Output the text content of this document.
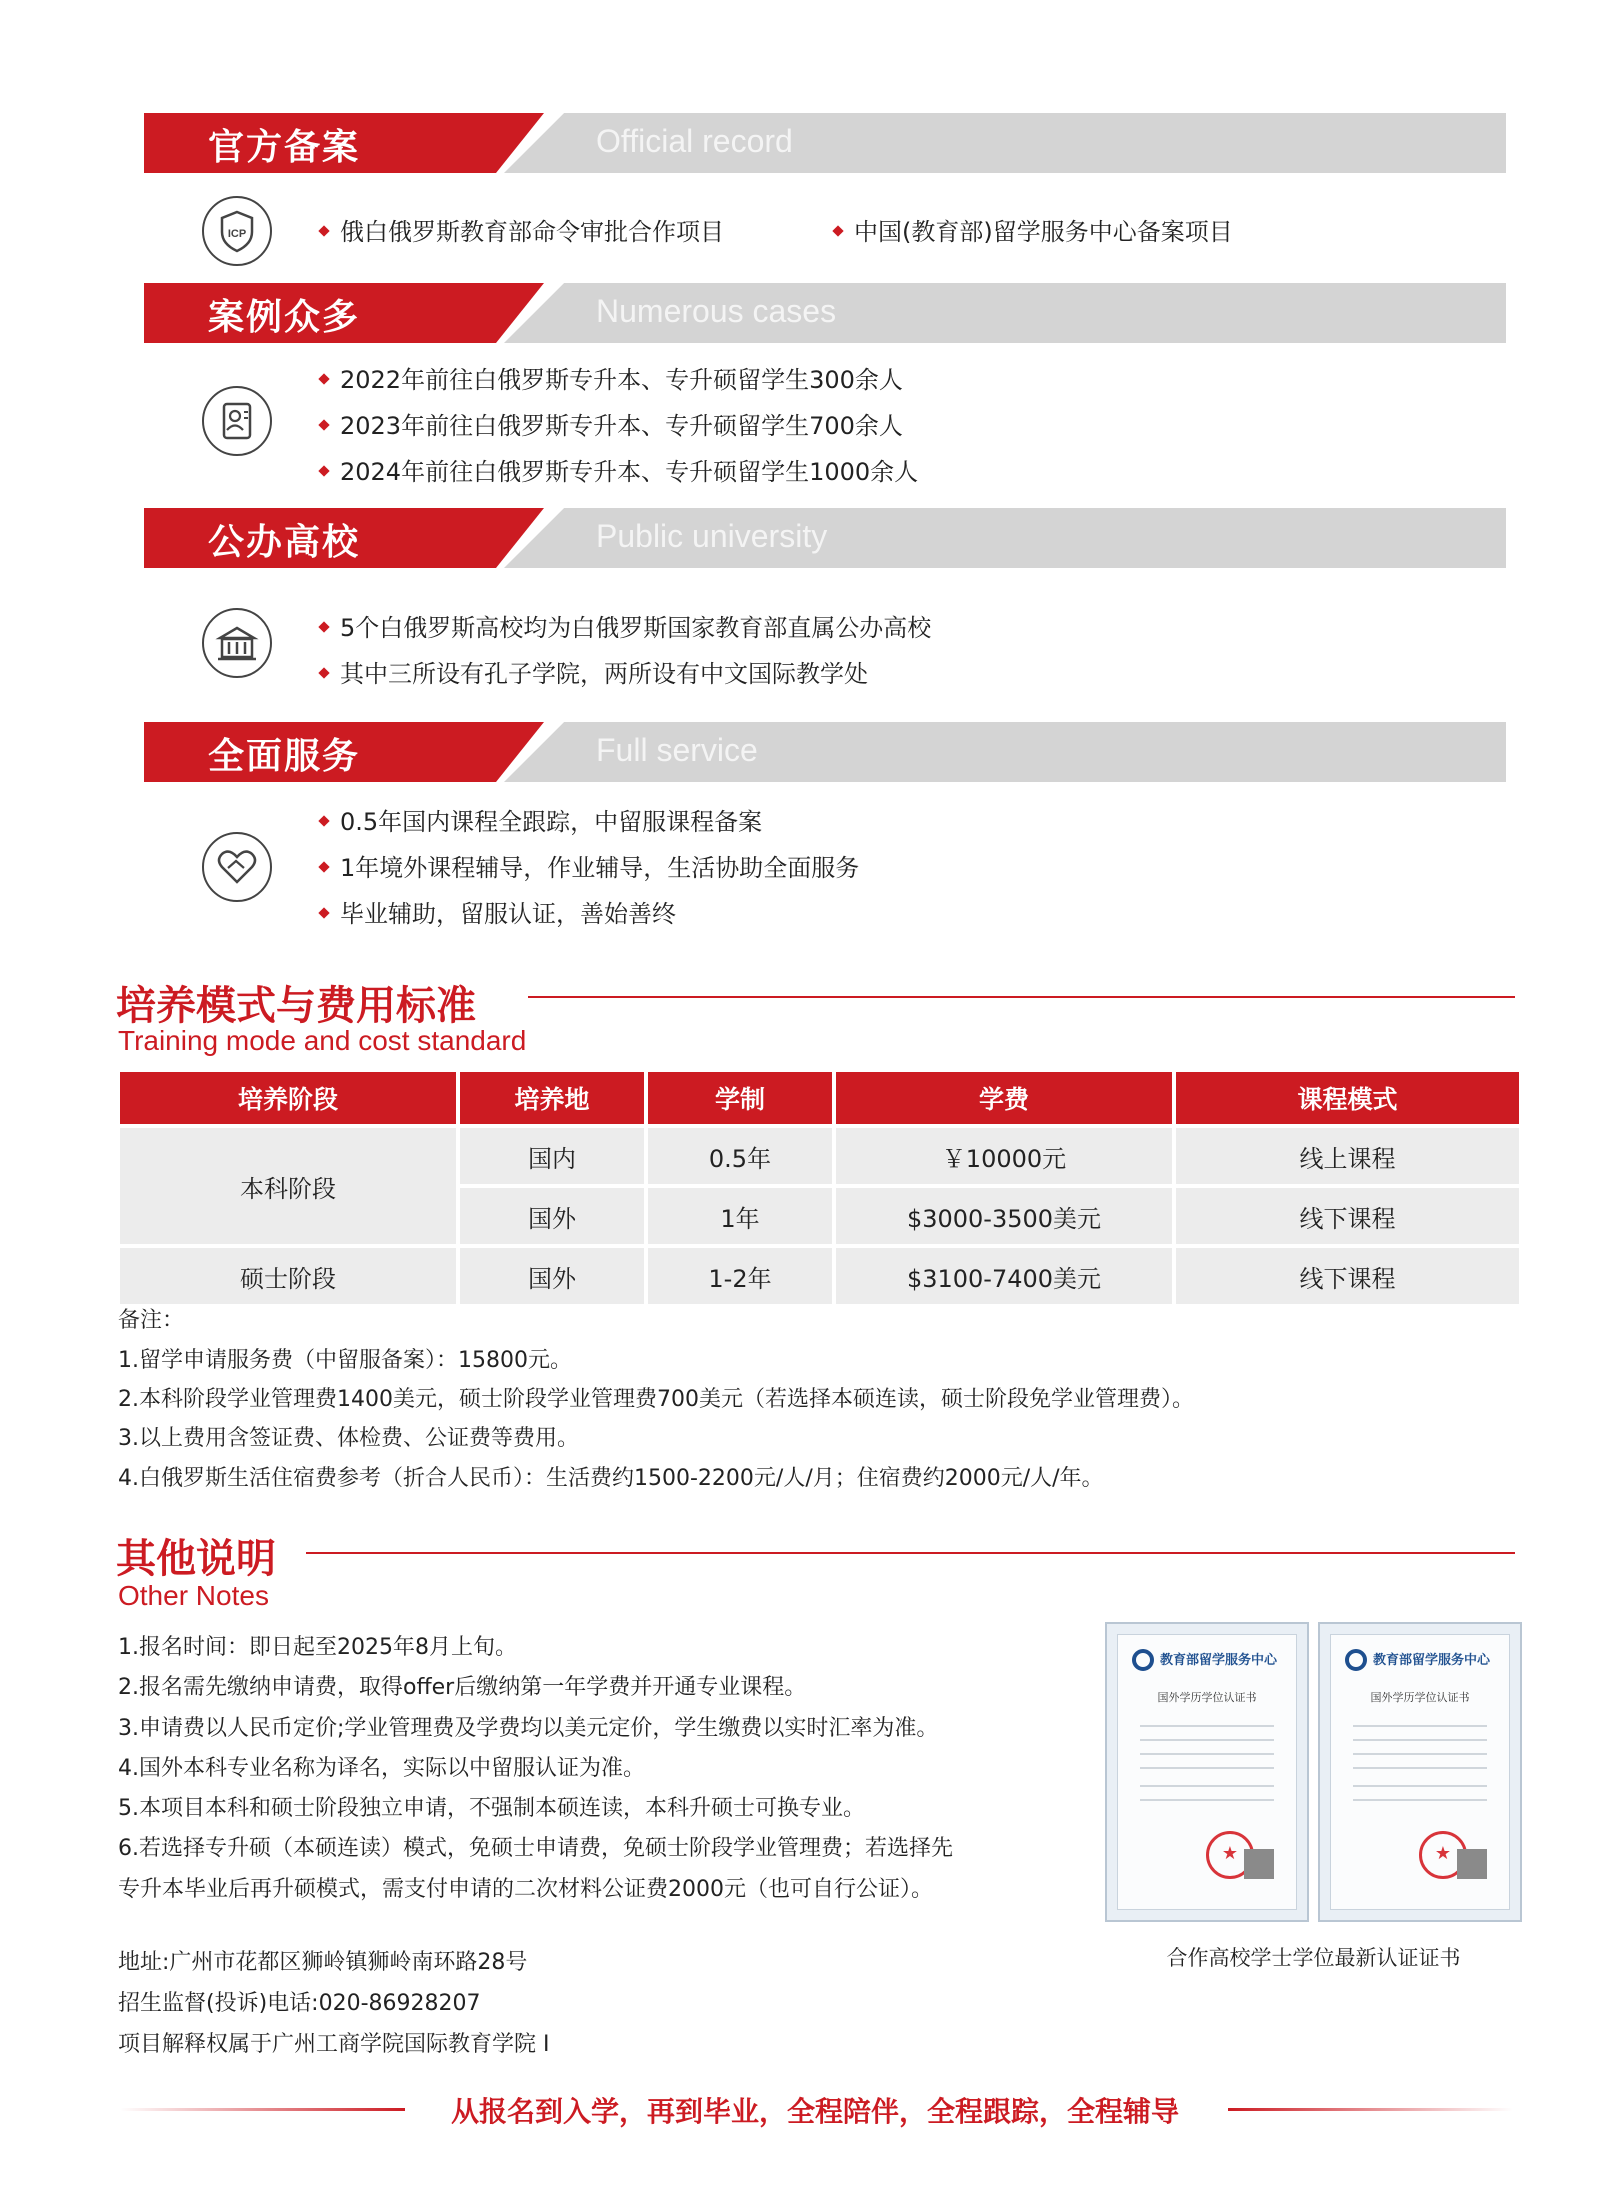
官方备案	Official record
ICP	俄白俄罗斯教育部命令审批合作项目	中国(教育部)留学服务中心备案项目
案例众多	Numerous cases
2022年前往白俄罗斯专升本、专升硕留学生300余人
2023年前往白俄罗斯专升本、专升硕留学生700余人
2024年前往白俄罗斯专升本、专升硕留学生1000余人
公办高校	Public university
5个白俄罗斯高校均为白俄罗斯国家教育部直属公办高校
其中三所设有孔子学院，两所设有中文国际教学处
全面服务	Full service
0.5年国内课程全跟踪，中留服课程备案
1年境外课程辅导，作业辅导，生活协助全面服务
毕业辅助，留服认证，善始善终
培养模式与费用标准
Training mode and cost standard
培养阶段	培养地	学制	学费	课程模式
本科阶段	国内	0.5年	￥10000元	线上课程
	国外	1年	$3000-3500美元	线下课程
硕士阶段	国外	1-2年	$3100-7400美元	线下课程
备注：
1.留学申请服务费（中留服备案）：15800元。
2.本科阶段学业管理费1400美元，硕士阶段学业管理费700美元（若选择本硕连读，硕士阶段免学业管理费）。
3.以上费用含签证费、体检费、公证费等费用。
4.白俄罗斯生活住宿费参考（折合人民币）：生活费约1500-2200元/人/月；住宿费约2000元/人/年。
其他说明
Other Notes
1.报名时间：即日起至2025年8月上旬。
2.报名需先缴纳申请费，取得offer后缴纳第一年学费并开通专业课程。
3.申请费以人民币定价;学业管理费及学费均以美元定价，学生缴费以实时汇率为准。
4.国外本科专业名称为译名，实际以中留服认证为准。
5.本项目本科和硕士阶段独立申请，不强制本硕连读，本科升硕士可换专业。
6.若选择专升硕（本硕连读）模式，免硕士申请费，免硕士阶段学业管理费；若选择先
专升本毕业后再升硕模式，需支付申请的二次材料公证费2000元（也可自行公证）。
教育部留学服务中心
国外学历学位认证书
★
教育部留学服务中心
国外学历学位认证书
★
合作高校学士学位最新认证证书
地址:广州市花都区狮岭镇狮岭南环路28号
招生监督(投诉)电话:020-86928207
项目解释权属于广州工商学院国际教育学院 I
从报名到入学，再到毕业，全程陪伴，全程跟踪，全程辅导
